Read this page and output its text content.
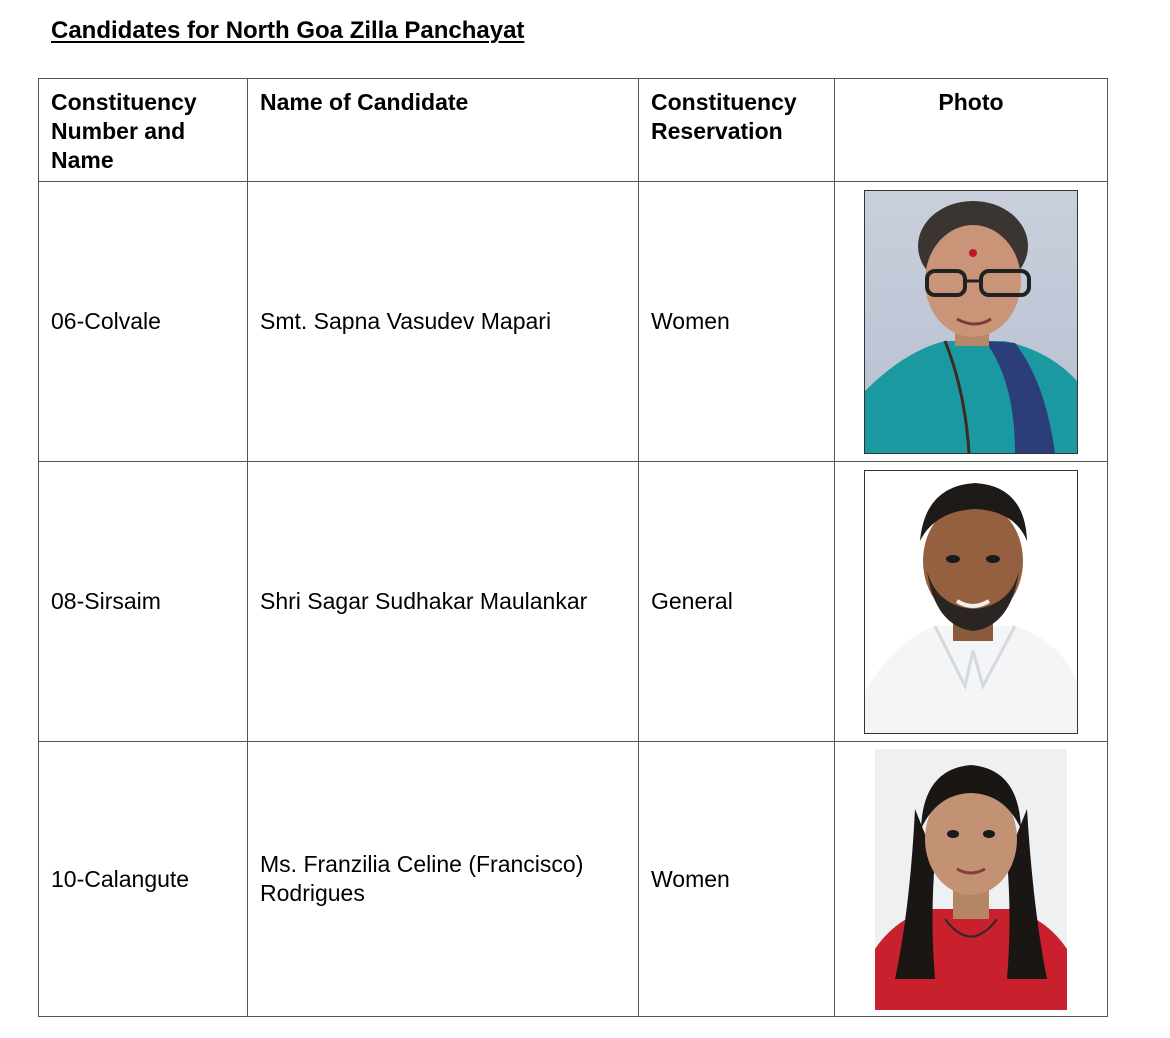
Candidates for North Goa Zilla Panchayat
Constituency Number and Name	Name of Candidate	Constituency Reservation	Photo
06-Colvale	Smt. Sapna Vasudev Mapari	Women	

08-Sirsaim	Shri Sagar Sudhakar Maulankar	General	

10-Calangute	Ms. Franzilia Celine (Francisco) Rodrigues	Women	
